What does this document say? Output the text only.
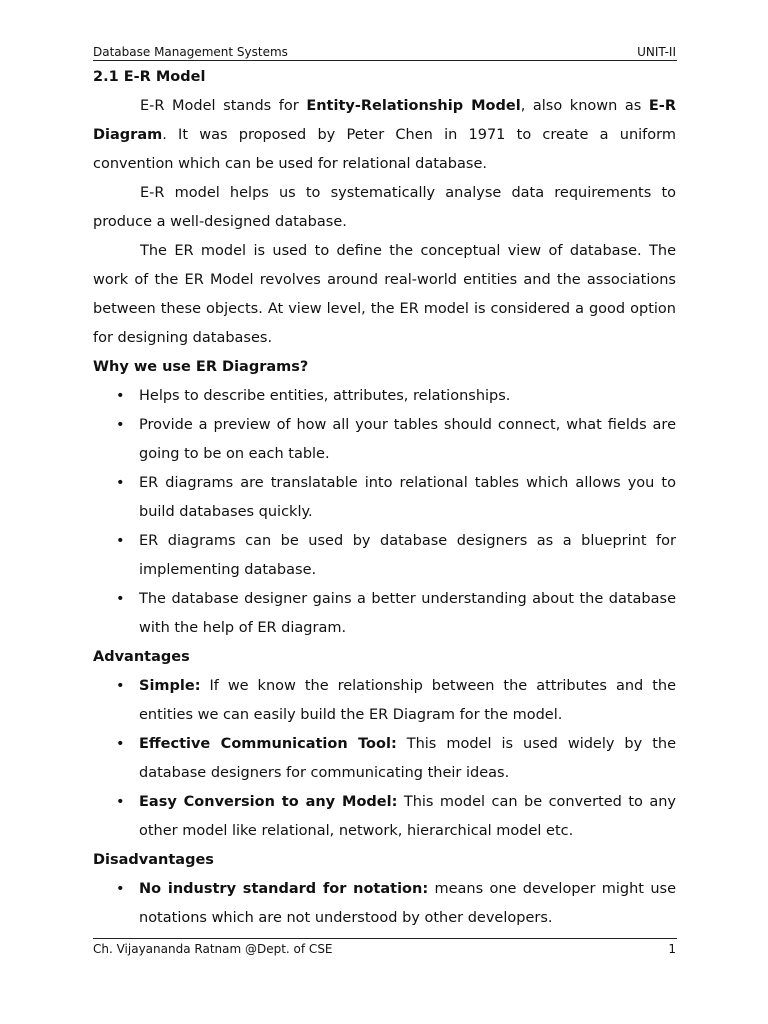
Database Management Systems	UNIT-II

2.1 E-R Model

E-R Model stands for Entity-Relationship Model, also known as E-R Diagram. It was proposed by Peter Chen in 1971 to create a uniform convention which can be used for relational database.

E-R model helps us to systematically analyse data requirements to produce a well-designed database.

The ER model is used to define the conceptual view of database. The work of the ER Model revolves around real-world entities and the associations between these objects. At view level, the ER model is considered a good option for designing databases.

Why we use ER Diagrams?

• Helps to describe entities, attributes, relationships.
• Provide a preview of how all your tables should connect, what fields are going to be on each table.
• ER diagrams are translatable into relational tables which allows you to build databases quickly.
• ER diagrams can be used by database designers as a blueprint for implementing database.
• The database designer gains a better understanding about the database with the help of ER diagram.

Advantages

• Simple: If we know the relationship between the attributes and the entities we can easily build the ER Diagram for the model.
• Effective Communication Tool: This model is used widely by the database designers for communicating their ideas.
• Easy Conversion to any Model: This model can be converted to any other model like relational, network, hierarchical model etc.

Disadvantages

• No industry standard for notation: means one developer might use notations which are not understood by other developers.
Ch. Vijayananda Ratnam @Dept. of CSE	1
